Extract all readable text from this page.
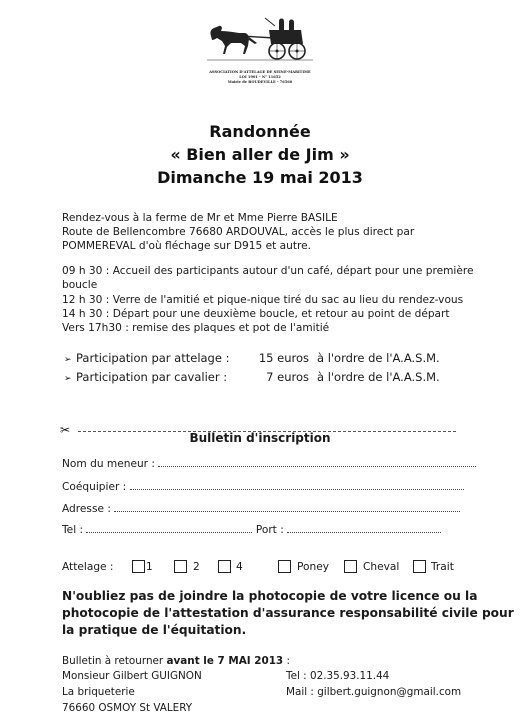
ASSOCIATION D'ATTELAGE DE SEINE-MARITIME
LOI 1901 - N° 11652
Mairie de BOUDEVILLE - 76560
Randonnée
« Bien aller de Jim »
Dimanche 19 mai 2013
Rendez-vous à la ferme de Mr et Mme Pierre BASILE
Route de Bellencombre 76680 ARDOUVAL, accès le plus direct par
POMMEREVAL d'où fléchage sur D915 et autre.
09 h 30 : Accueil des participants autour d'un café, départ pour une première
boucle
12 h 30 : Verre de l'amitié et pique-nique tiré du sac au lieu du rendez-vous
14 h 30 : Départ pour une deuxième boucle, et retour au point de départ
Vers 17h30 : remise des plaques et pot de l'amitié
➢ Participation par attelage :	15 euros à l'ordre de l'A.A.S.M.
➢ Participation par cavalier :	7 euros à l'ordre de l'A.A.S.M.
✂
Bulletin d'inscription
Nom du meneur :
Coéquipier :
Adresse :
Tel :	Port :
Attelage :	1	2	4	Poney	Cheval	Trait
N'oubliez pas de joindre la photocopie de votre licence ou la
photocopie de l'attestation d'assurance responsabilité civile pour
la pratique de l'équitation.
Bulletin à retourner avant le 7 MAI 2013 :
Monsieur Gilbert GUIGNON
La briqueterie
76660 OSMOY St VALERY
Tel : 02.35.93.11.44
Mail : gilbert.guignon@gmail.com
